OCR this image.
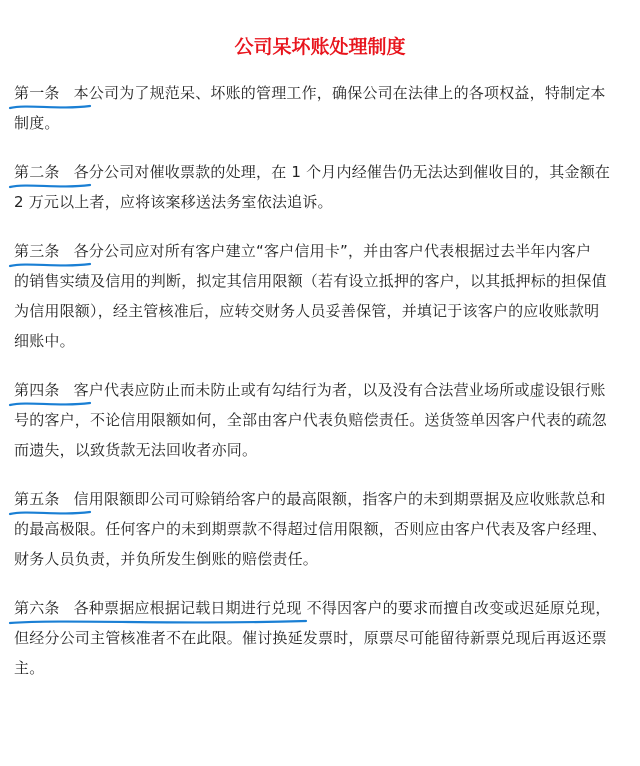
公司呆坏账处理制度

第一条 本公司为了规范呆、坏账的管理工作，确保公司在法律上的各项权益，特制定本
制度。

第二条 各分公司对催收票款的处理，在 1 个月内经催告仍无法达到催收目的，其金额在
2 万元以上者，应将该案移送法务室依法追诉。

第三条 各分公司应对所有客户建立“客户信用卡”，并由客户代表根据过去半年内客户
的销售实绩及信用的判断，拟定其信用限额（若有设立抵押的客户，以其抵押标的担保值
为信用限额），经主管核准后，应转交财务人员妥善保管，并填记于该客户的应收账款明
细账中。

第四条 客户代表应防止而未防止或有勾结行为者，以及没有合法营业场所或虚设银行账
号的客户，不论信用限额如何，全部由客户代表负赔偿责任。送货签单因客户代表的疏忽
而遗失，以致货款无法回收者亦同。

第五条 信用限额即公司可赊销给客户的最高限额，指客户的未到期票据及应收账款总和
的最高极限。任何客户的未到期票款不得超过信用限额，否则应由客户代表及客户经理、
财务人员负责，并负所发生倒账的赔偿责任。

第六条 各种票据应根据记载日期进行兑现 不得因客户的要求而擅自改变或迟延原兑现，
但经分公司主管核准者不在此限。催讨换延发票时，原票尽可能留待新票兑现后再返还票
主。
